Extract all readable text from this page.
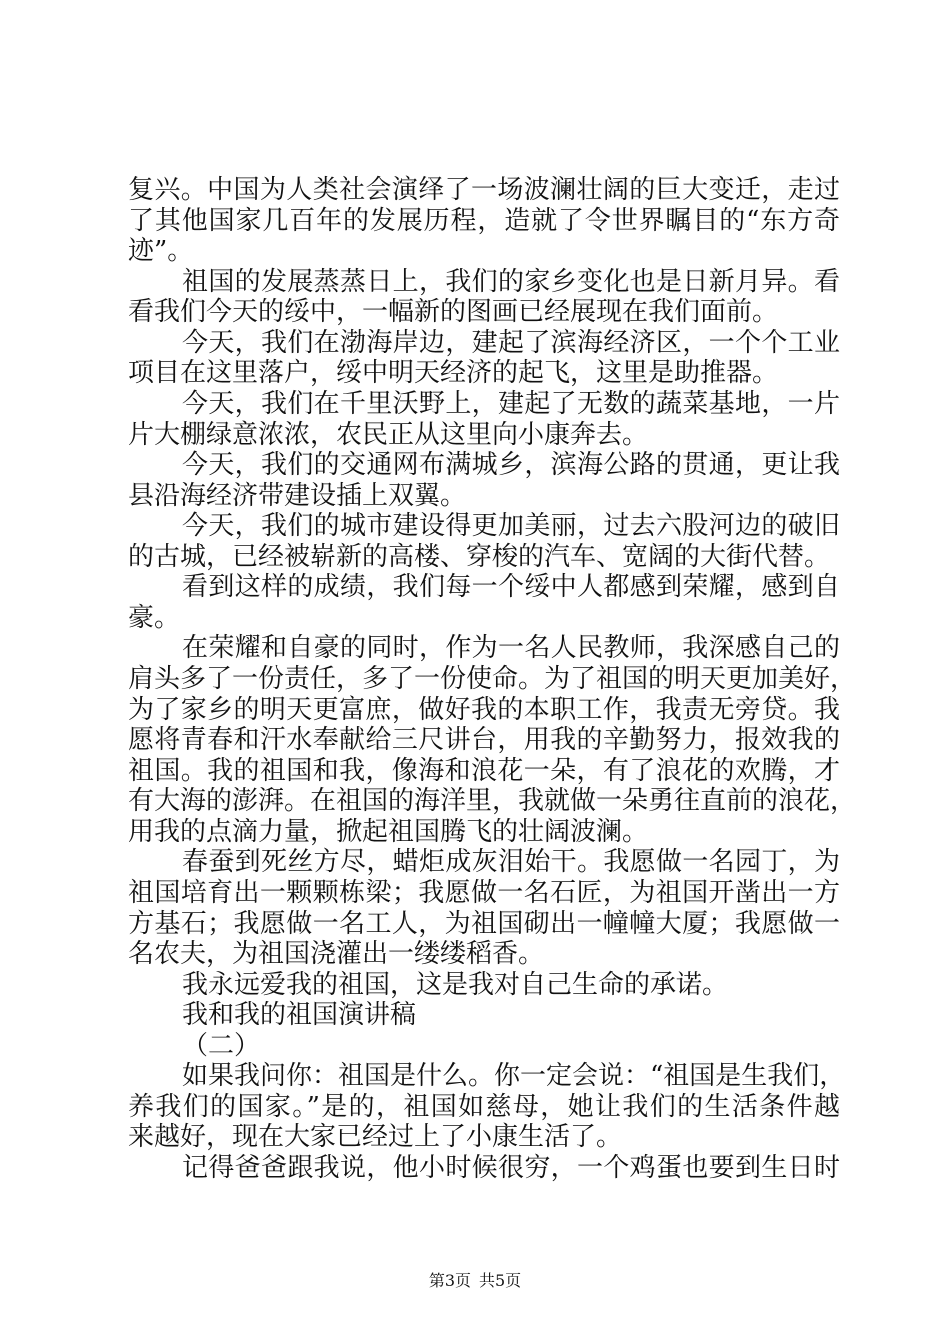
复兴。中国为人类社会演绎了一场波澜壮阔的巨大变迁，走过
了其他国家几百年的发展历程，造就了令世界瞩目的“东方奇
迹”。
祖国的发展蒸蒸日上，我们的家乡变化也是日新月异。看
看我们今天的绥中，一幅新的图画已经展现在我们面前。
今天，我们在渤海岸边，建起了滨海经济区，一个个工业
项目在这里落户，绥中明天经济的起飞，这里是助推器。
今天，我们在千里沃野上，建起了无数的蔬菜基地，一片
片大棚绿意浓浓，农民正从这里向小康奔去。
今天，我们的交通网布满城乡，滨海公路的贯通，更让我
县沿海经济带建设插上双翼。
今天，我们的城市建设得更加美丽，过去六股河边的破旧
的古城，已经被崭新的高楼、穿梭的汽车、宽阔的大街代替。
看到这样的成绩，我们每一个绥中人都感到荣耀，感到自
豪。
在荣耀和自豪的同时，作为一名人民教师，我深感自己的
肩头多了一份责任，多了一份使命。为了祖国的明天更加美好，
为了家乡的明天更富庶，做好我的本职工作，我责无旁贷。我
愿将青春和汗水奉献给三尺讲台，用我的辛勤努力，报效我的
祖国。我的祖国和我，像海和浪花一朵，有了浪花的欢腾，才
有大海的澎湃。在祖国的海洋里，我就做一朵勇往直前的浪花，
用我的点滴力量，掀起祖国腾飞的壮阔波澜。
春蚕到死丝方尽，蜡炬成灰泪始干。我愿做一名园丁，为
祖国培育出一颗颗栋梁；我愿做一名石匠，为祖国开凿出一方
方基石；我愿做一名工人，为祖国砌出一幢幢大厦；我愿做一
名农夫，为祖国浇灌出一缕缕稻香。
我永远爱我的祖国，这是我对自己生命的承诺。
我和我的祖国演讲稿
（二）
如果我问你：祖国是什么。你一定会说：“祖国是生我们，
养我们的国家。”是的，祖国如慈母，她让我们的生活条件越
来越好，现在大家已经过上了小康生活了。
记得爸爸跟我说，他小时候很穷，一个鸡蛋也要到生日时
第3页 共5页
